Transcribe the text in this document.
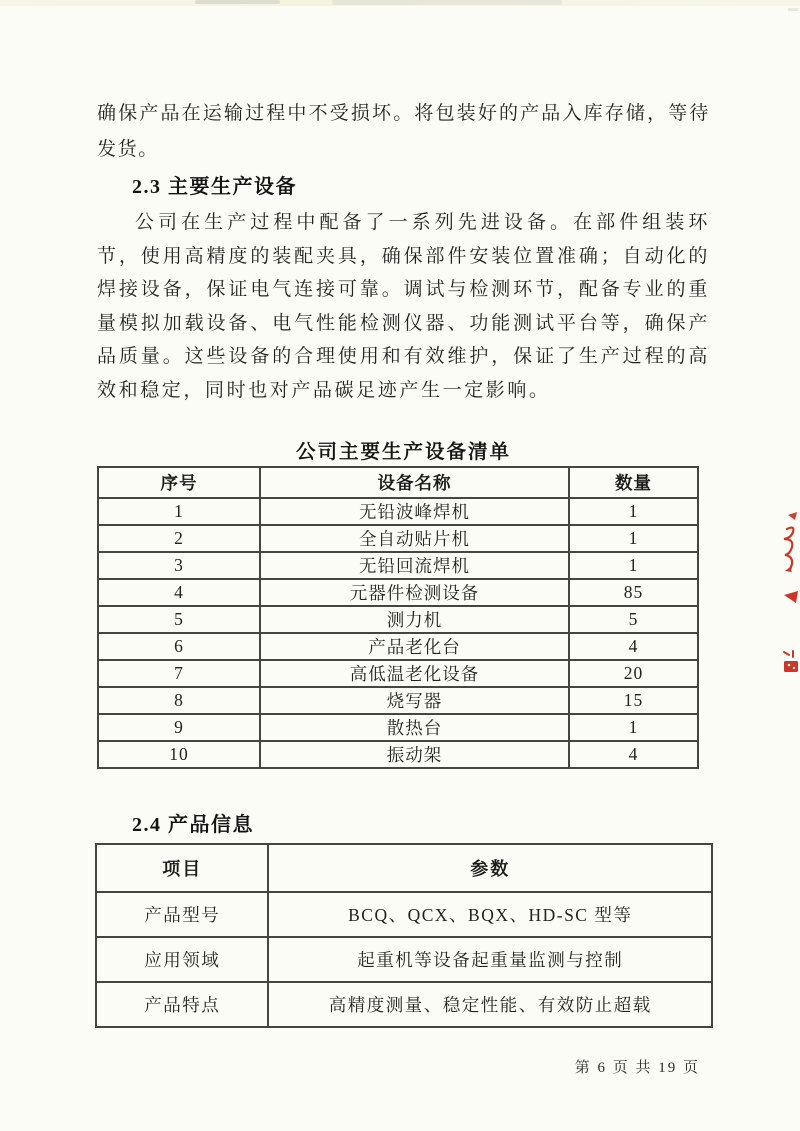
确保产品在运输过程中不受损坏。将包装好的产品入库存储，等待发货。
2.3 主要生产设备
公司在生产过程中配备了一系列先进设备。在部件组装环节，使用高精度的装配夹具，确保部件安装位置准确；自动化的焊接设备，保证电气连接可靠。调试与检测环节，配备专业的重量模拟加载设备、电气性能检测仪器、功能测试平台等，确保产品质量。这些设备的合理使用和有效维护，保证了生产过程的高效和稳定，同时也对产品碳足迹产生一定影响。
公司主要生产设备清单
序号	设备名称	数量
1	无铅波峰焊机	1
2	全自动贴片机	1
3	无铅回流焊机	1
4	元器件检测设备	85
5	测力机	5
6	产品老化台	4
7	高低温老化设备	20
8	烧写器	15
9	散热台	1
10	振动架	4
2.4 产品信息
项目	参数
产品型号	BCQ、QCX、BQX、HD-SC 型等
应用领域	起重机等设备起重量监测与控制
产品特点	高精度测量、稳定性能、有效防止超载
第 6 页 共 19 页
